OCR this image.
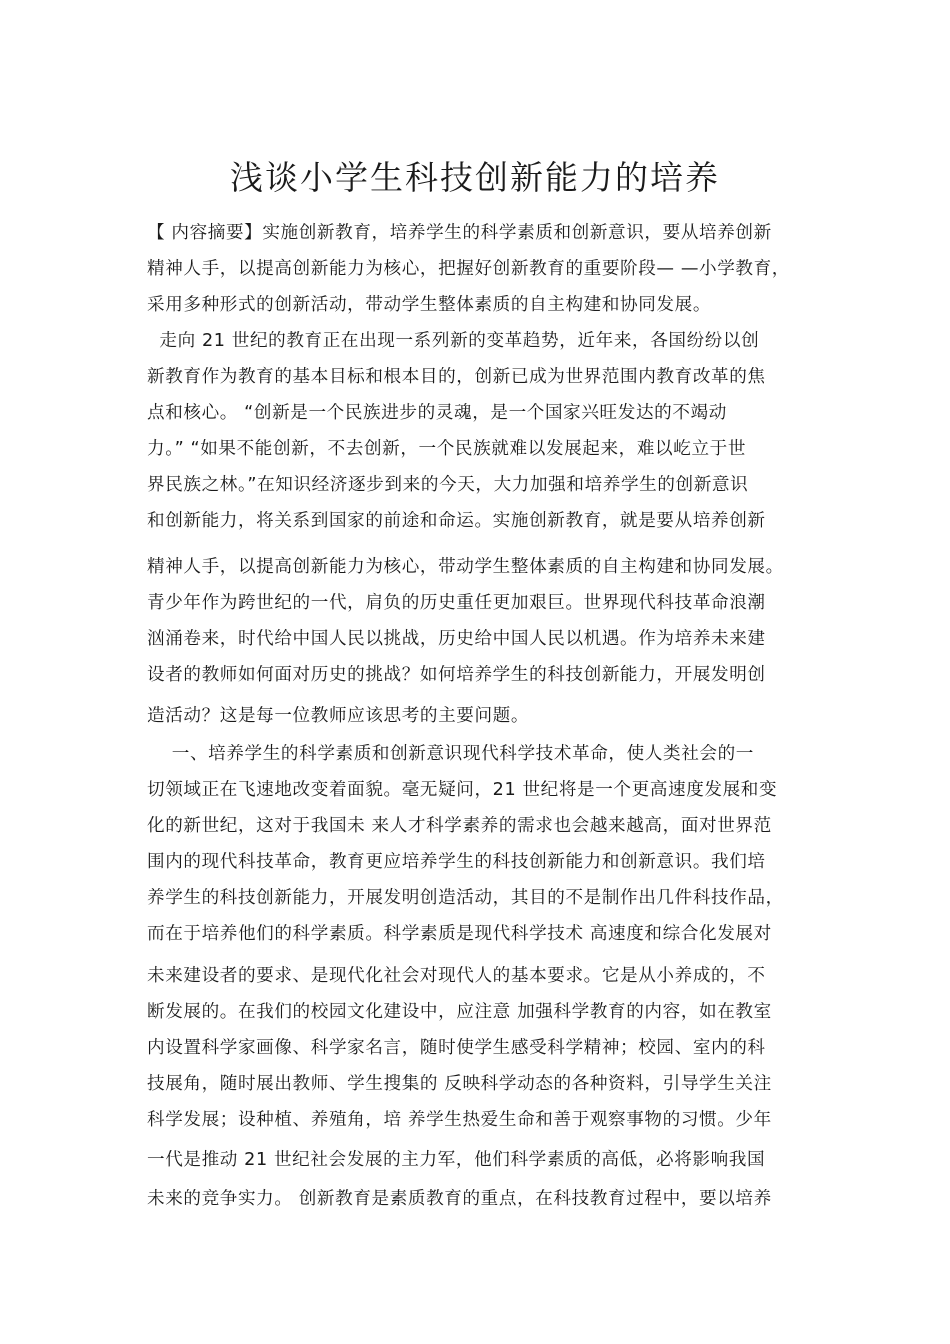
浅谈小学生科技创新能力的培养
【 内容摘要】实施创新教育，培养学生的科学素质和创新意识，要从培养创新
精神人手，以提高创新能力为核心，把握好创新教育的重要阶段— —小学教育，
采用多种形式的创新活动，带动学生整体素质的自主构建和协同发展。
走向 21 世纪的教育正在出现一系列新的变革趋势，近年来，各国纷纷以创
新教育作为教育的基本目标和根本目的，创新已成为世界范围内教育改革的焦
点和核心。 “创新是一个民族进步的灵魂，是一个国家兴旺发达的不竭动
力。” “如果不能创新，不去创新，一个民族就难以发展起来，难以屹立于世
界民族之林。”在知识经济逐步到来的今天，大力加强和培养学生的创新意识
和创新能力，将关系到国家的前途和命运。实施创新教育，就是要从培养创新
精神人手，以提高创新能力为核心，带动学生整体素质的自主构建和协同发展。
青少年作为跨世纪的一代，肩负的历史重任更加艰巨。世界现代科技革命浪潮
汹涌卷来，时代给中国人民以挑战，历史给中国人民以机遇。作为培养未来建
设者的教师如何面对历史的挑战？如何培养学生的科技创新能力，开展发明创
造活动？这是每一位教师应该思考的主要问题。
一、培养学生的科学素质和创新意识现代科学技术革命，使人类社会的一
切领域正在飞速地改变着面貌。毫无疑问，21 世纪将是一个更高速度发展和变
化的新世纪，这对于我国未 来人才科学素养的需求也会越来越高，面对世界范
围内的现代科技革命，教育更应培养学生的科技创新能力和创新意识。我们培
养学生的科技创新能力，开展发明创造活动，其目的不是制作出几件科技作品，
而在于培养他们的科学素质。科学素质是现代科学技术 高速度和综合化发展对
未来建设者的要求、是现代化社会对现代人的基本要求。它是从小养成的，不
断发展的。在我们的校园文化建设中，应注意 加强科学教育的内容，如在教室
内设置科学家画像、科学家名言，随时使学生感受科学精神；校园、室内的科
技展角，随时展出教师、学生搜集的 反映科学动态的各种资料，引导学生关注
科学发展；设种植、养殖角，培 养学生热爱生命和善于观察事物的习惯。少年
一代是推动 21 世纪社会发展的主力军，他们科学素质的高低，必将影响我国
未来的竞争实力。 创新教育是素质教育的重点，在科技教育过程中，要以培养
